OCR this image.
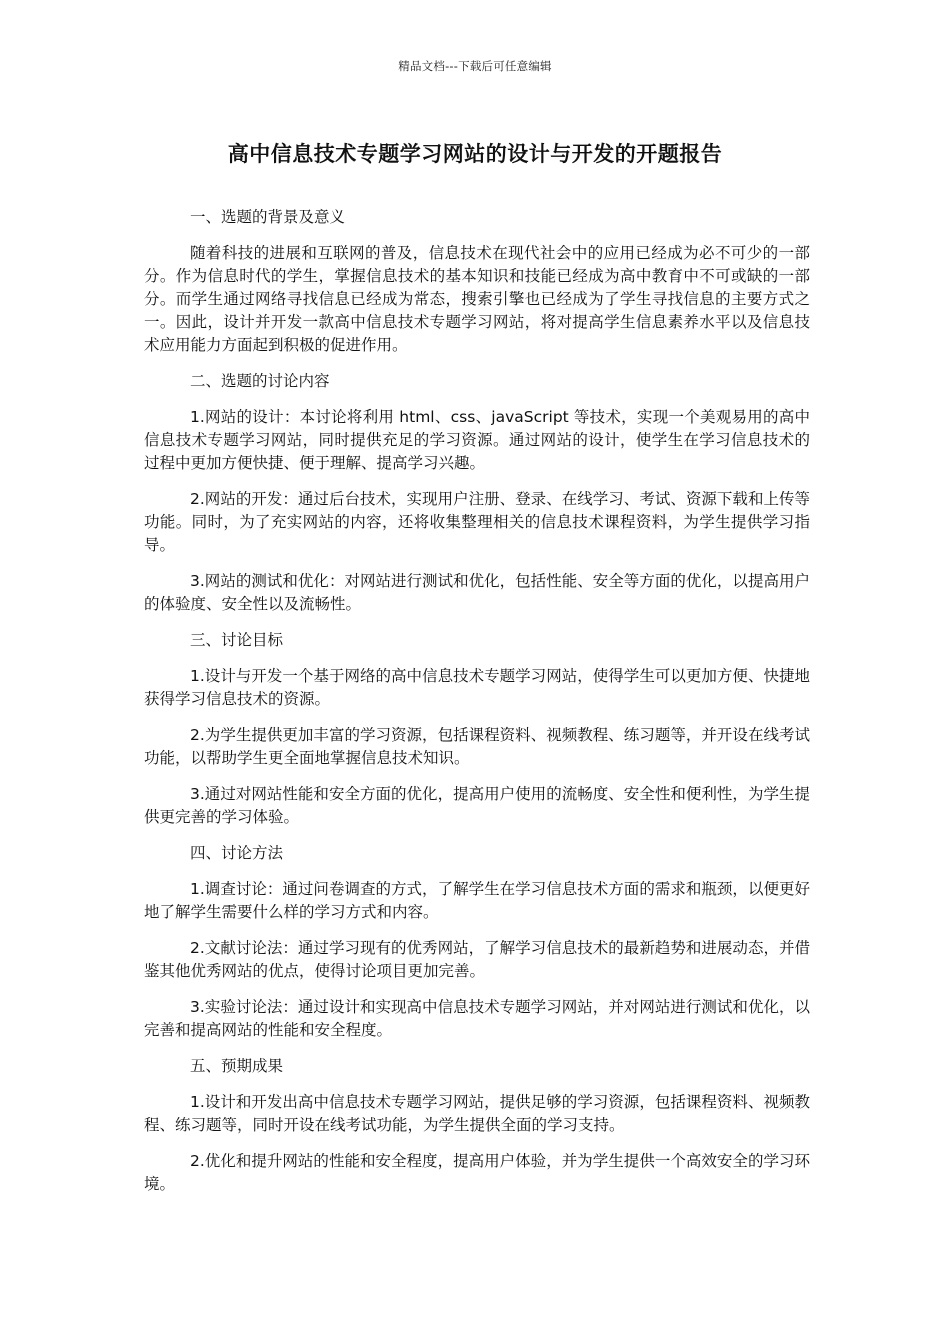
精品文档---下载后可任意编辑
高中信息技术专题学习网站的设计与开发的开题报告

一、选题的背景及意义

随着科技的进展和互联网的普及，信息技术在现代社会中的应用已经成为必不可少的一部分。作为信息时代的学生，掌握信息技术的基本知识和技能已经成为高中教育中不可或缺的一部分。而学生通过网络寻找信息已经成为常态，搜索引擎也已经成为了学生寻找信息的主要方式之一。因此，设计并开发一款高中信息技术专题学习网站，将对提高学生信息素养水平以及信息技术应用能力方面起到积极的促进作用。

二、选题的讨论内容

1.网站的设计：本讨论将利用 html、css、javaScript 等技术，实现一个美观易用的高中信息技术专题学习网站，同时提供充足的学习资源。通过网站的设计，使学生在学习信息技术的过程中更加方便快捷、便于理解、提高学习兴趣。

2.网站的开发：通过后台技术，实现用户注册、登录、在线学习、考试、资源下载和上传等功能。同时，为了充实网站的内容，还将收集整理相关的信息技术课程资料，为学生提供学习指导。

3.网站的测试和优化：对网站进行测试和优化，包括性能、安全等方面的优化，以提高用户的体验度、安全性以及流畅性。

三、讨论目标

1.设计与开发一个基于网络的高中信息技术专题学习网站，使得学生可以更加方便、快捷地获得学习信息技术的资源。

2.为学生提供更加丰富的学习资源，包括课程资料、视频教程、练习题等，并开设在线考试功能，以帮助学生更全面地掌握信息技术知识。

3.通过对网站性能和安全方面的优化，提高用户使用的流畅度、安全性和便利性，为学生提供更完善的学习体验。

四、讨论方法

1.调查讨论：通过问卷调查的方式，了解学生在学习信息技术方面的需求和瓶颈，以便更好地了解学生需要什么样的学习方式和内容。

2.文献讨论法：通过学习现有的优秀网站，了解学习信息技术的最新趋势和进展动态，并借鉴其他优秀网站的优点，使得讨论项目更加完善。

3.实验讨论法：通过设计和实现高中信息技术专题学习网站，并对网站进行测试和优化，以完善和提高网站的性能和安全程度。

五、预期成果

1.设计和开发出高中信息技术专题学习网站，提供足够的学习资源，包括课程资料、视频教程、练习题等，同时开设在线考试功能，为学生提供全面的学习支持。

2.优化和提升网站的性能和安全程度，提高用户体验，并为学生提供一个高效安全的学习环境。
